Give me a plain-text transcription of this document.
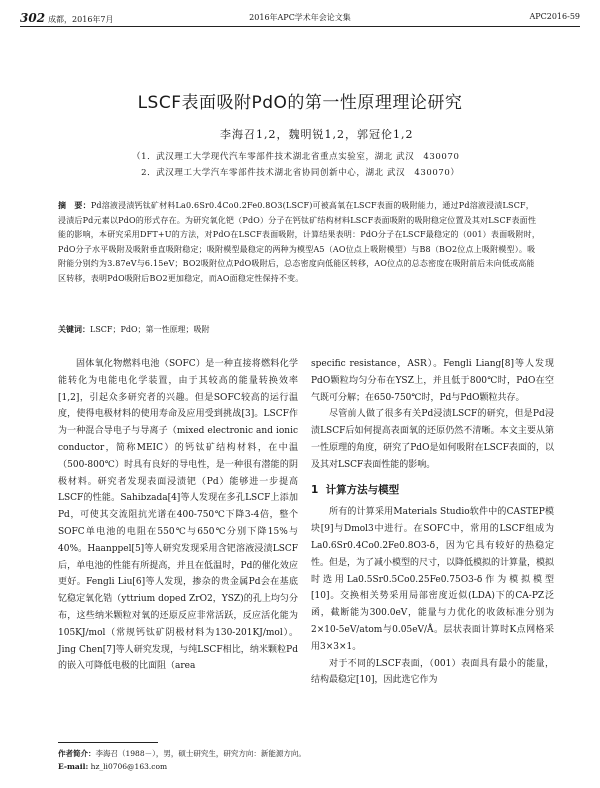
302 成都，2016年7月	2016年APC学术年会论文集	APC2016-59
LSCF表面吸附PdO的第一性原理理论研究
李海召1,2，魏明锐1,2，郭冠伦1,2
（1．武汉理工大学现代汽车零部件技术湖北省重点实验室，湖北 武汉　430070
　2．武汉理工大学汽车零部件技术湖北省协同创新中心，湖北 武汉　430070）
摘　要：Pd溶液浸渍钙钛矿材料La0.6Sr0.4Co0.2Fe0.8O3(LSCF)可被高氧在LSCF表面的吸附能力，通过Pd溶液浸渍LSCF，浸渍后Pd元素以PdO的形式存在。为研究氧化钯（PdO）分子在钙钛矿结构材料LSCF表面吸附的吸附稳定位置及其对LSCF表面性能的影响，本研究采用DFT+U的方法，对PdO在LSCF表面吸附，计算结果表明：PdO分子在LSCF最稳定的（001）表面吸附时，PdO分子水平吸附及吸附垂直吸附稳定；吸附模型最稳定的两种为模型A5（AO位点上吸附模型）与B8（BO2位点上吸附模型）。吸附能分别约为3.87eV与6.15eV；BO2吸附位点PdO吸附后，总态密度向低能区转移，AO位点的总态密度在吸附前后未向低或高能区转移，表明PdO吸附后BO2更加稳定，而AO面稳定性保持不变。
关键词：LSCF；PdO；第一性原理；吸附

固体氧化物燃料电池（SOFC）是一种直接将燃料化学能转化为电能电化学装置，由于其较高的能量转换效率[1,2]，引起众多研究者的兴趣。但是SOFC较高的运行温度，使得电极材料的使用寿命及应用受到挑战[3]。LSCF作为一种混合导电子与导离子（mixed electronic and ionic conductor，简称MEIC）的钙钛矿结构材料，在中温（500-800℃）时具有良好的导电性，是一种很有潜能的阴极材料。研究者发现表面浸渍钯（Pd）能够进一步提高LSCF的性能。Sahibzada[4]等人发现在多孔LSCF上添加Pd，可使其交流阻抗光谱在400-750℃下降3-4倍，整个SOFC单电池的电阻在550℃与650℃分别下降15%与40%。Haanppel[5]等人研究发现采用含钯溶液浸渍LSCF后，单电池的性能有所提高，并且在低温时，Pd的催化效应更好。Fengli Liu[6]等人发现，掺杂的贵金属Pd会在基底钇稳定氧化锆（yttrium doped ZrO2，YSZ)的孔上均匀分布，这些纳米颗粒对氧的还原反应非常活跃，反应活化能为105KJ/mol（常规钙钛矿阴极材料为130-201KJ/mol）。Jing Chen[7]等人研究发现，与纯LSCF相比，纳米颗粒Pd的嵌入可降低电极的比面阻（area

specific resistance，ASR）。Fengli Liang[8]等人发现PdO颗粒均匀分布在YSZ上，并且低于800℃时，PdO在空气既可分解；在650-750℃时，Pd与PdO颗粒共存。

尽管前人做了很多有关Pd浸渍LSCF的研究，但是Pd浸渍LSCF后如何提高表面氧的还原仍然不清晰。本文主要从第一性原理的角度，研究了PdO是如何吸附在LSCF表面的，以及其对LSCF表面性能的影响。

1 计算方法与模型

所有的计算采用Materials Studio软件中的CASTEP模块[9]与Dmol3中进行。在SOFC中，常用的LSCF组成为La0.6Sr0.4Co0.2Fe0.8O3-δ，因为它具有较好的热稳定性。但是，为了减小模型的尺寸，以降低模拟的计算量，模拟时选用La0.5Sr0.5Co0.25Fe0.75O3-δ作为模拟模型[10]。交换相关势采用局部密度近似(LDA)下的CA-PZ泛函，截断能为300.0eV，能量与力优化的收敛标准分别为2×10-5eV/atom与0.05eV/Å。层状表面计算时K点网格采用3×3×1。

对于不同的LSCF表面，（001）表面具有最小的能量，结构最稳定[10]，因此选它作为

作者简介：李海召（1988－），男，硕士研究生，研究方向：新能源方向。
E-mail: hz_li0706@163.com
